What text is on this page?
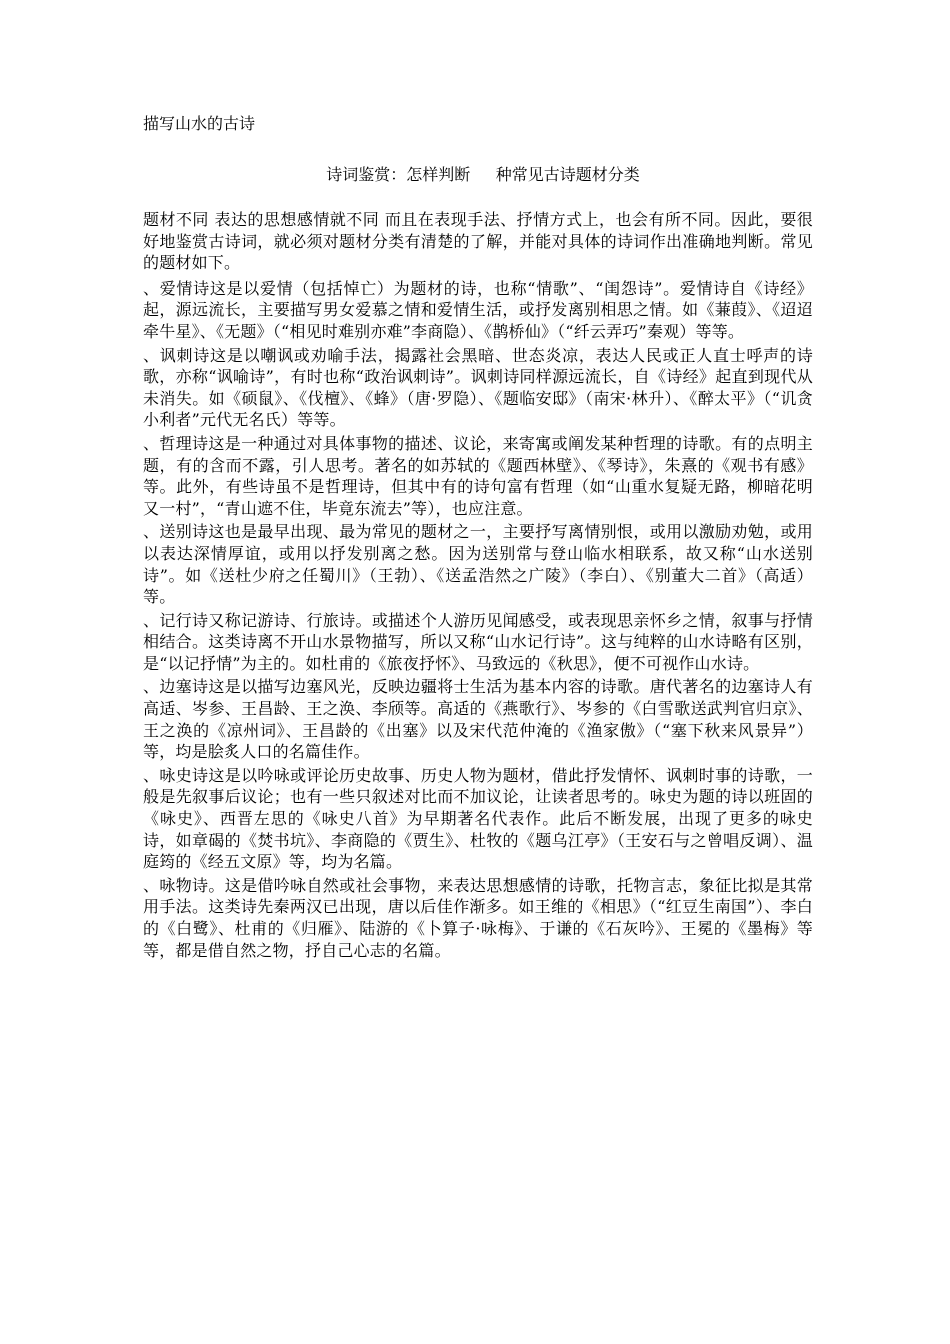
描写山水的古诗
诗词鉴赏：怎样判断     种常见古诗题材分类

题材不同 表达的思想感情就不同 而且在表现手法、抒情方式上，也会有所不同。因此，要很好地鉴赏古诗词，就必须对题材分类有清楚的了解，并能对具体的诗词作出准确地判断。常见的题材如下。

、爱情诗这是以爱情（包括悼亡）为题材的诗，也称“情歌”、“闺怨诗”。爱情诗自《诗经》起，源远流长，主要描写男女爱慕之情和爱情生活，或抒发离别相思之情。如《蒹葭》、《迢迢牵牛星》、《无题》（“相见时难别亦难”李商隐）、《鹊桥仙》（“纤云弄巧”秦观）等等。

、讽刺诗这是以嘲讽或劝喻手法，揭露社会黑暗、世态炎凉，表达人民或正人直士呼声的诗歌，亦称“讽喻诗”，有时也称“政治讽刺诗”。讽刺诗同样源远流长，自《诗经》起直到现代从未消失。如《硕鼠》、《伐檀》、《蜂》（唐·罗隐）、《题临安邸》（南宋·林升）、《醉太平》（“讥贪小利者”元代无名氏）等等。

、哲理诗这是一种通过对具体事物的描述、议论，来寄寓或阐发某种哲理的诗歌。有的点明主题，有的含而不露，引人思考。著名的如苏轼的《题西林壁》、《琴诗》，朱熹的《观书有感》等。此外，有些诗虽不是哲理诗，但其中有的诗句富有哲理（如“山重水复疑无路，柳暗花明又一村”，“青山遮不住，毕竟东流去”等），也应注意。

、送别诗这也是最早出现、最为常见的题材之一，主要抒写离情别恨，或用以激励劝勉，或用以表达深情厚谊，或用以抒发别离之愁。因为送别常与登山临水相联系，故又称“山水送别诗”。如《送杜少府之任蜀川》（王勃）、《送孟浩然之广陵》（李白）、《别董大二首》（高适）等。

、记行诗又称记游诗、行旅诗。或描述个人游历见闻感受，或表现思亲怀乡之情，叙事与抒情相结合。这类诗离不开山水景物描写，所以又称“山水记行诗”。这与纯粹的山水诗略有区别，是“以记抒情”为主的。如杜甫的《旅夜抒怀》、马致远的《秋思》，便不可视作山水诗。

、边塞诗这是以描写边塞风光，反映边疆将士生活为基本内容的诗歌。唐代著名的边塞诗人有高适、岑参、王昌龄、王之涣、李颀等。高适的《燕歌行》、岑参的《白雪歌送武判官归京》、王之涣的《凉州词》、王昌龄的《出塞》以及宋代范仲淹的《渔家傲》（“塞下秋来风景异”）等，均是脍炙人口的名篇佳作。

、咏史诗这是以吟咏或评论历史故事、历史人物为题材，借此抒发情怀、讽刺时事的诗歌，一般是先叙事后议论；也有一些只叙述对比而不加议论，让读者思考的。咏史为题的诗以班固的《咏史》、西晋左思的《咏史八首》为早期著名代表作。此后不断发展，出现了更多的咏史诗，如章碣的《焚书坑》、李商隐的《贾生》、杜牧的《题乌江亭》（王安石与之曾唱反调）、温庭筠的《经五文原》等，均为名篇。

、咏物诗。这是借吟咏自然或社会事物，来表达思想感情的诗歌，托物言志，象征比拟是其常用手法。这类诗先秦两汉已出现，唐以后佳作渐多。如王维的《相思》（“红豆生南国”）、李白的《白鹭》、杜甫的《归雁》、陆游的《卜算子·咏梅》、于谦的《石灰吟》、王冕的《墨梅》等等，都是借自然之物，抒自己心志的名篇。
